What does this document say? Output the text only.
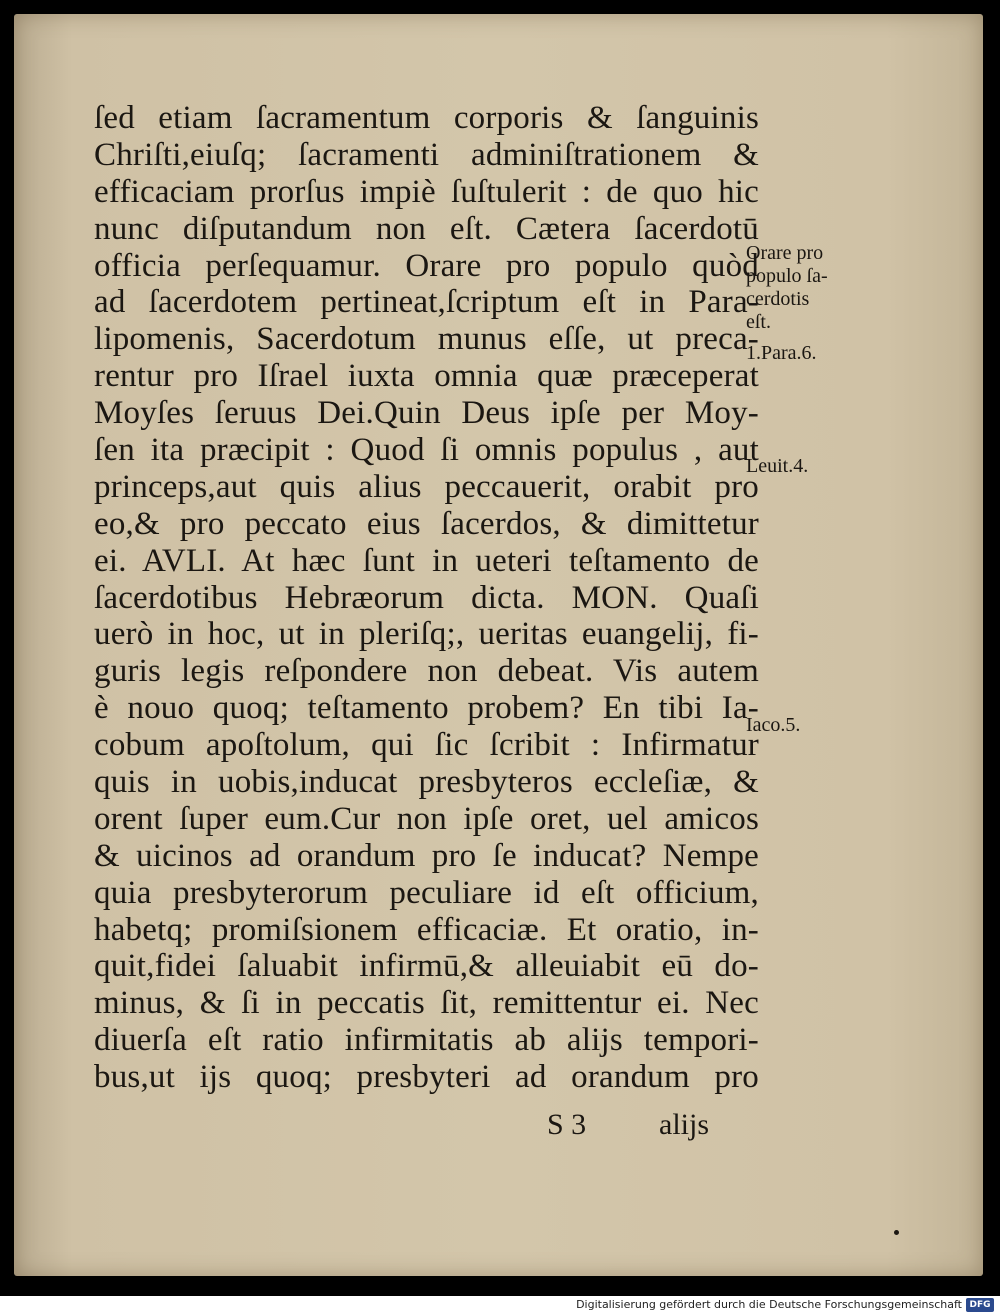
ſed etiam ſacramentum corporis & ſanguinis
Chriſti,eiuſq; ſacramenti adminiſtrationem &
efficaciam prorſus impiè ſuſtulerit : de quo hic
nunc diſputandum non eſt. Cætera ſacerdotū
officia perſequamur. Orare pro populo quòd
ad ſacerdotem pertineat,ſcriptum eſt in Para-
lipomenis, Sacerdotum munus eſſe, ut preca-
rentur pro Iſrael iuxta omnia quæ præceperat
Moyſes ſeruus Dei.Quin Deus ipſe per Moy-
ſen ita præcipit : Quod ſi omnis populus , aut
princeps,aut quis alius peccauerit, orabit pro
eo,& pro peccato eius ſacerdos, & dimittetur
ei. AVLI. At hæc ſunt in ueteri teſtamento de
ſacerdotibus Hebræorum dicta. MON. Quaſi
uerò in hoc, ut in pleriſq;, ueritas euangelij, fi-
guris legis reſpondere non debeat. Vis autem
è nouo quoq; teſtamento probem? En tibi Ia-
cobum apoſtolum, qui ſic ſcribit : Infirmatur
quis in uobis,inducat presbyteros eccleſiæ, &
orent ſuper eum.Cur non ipſe oret, uel amicos
& uicinos ad orandum pro ſe inducat? Nempe
quia presbyterorum peculiare id eſt officium,
habetq; promiſsionem efficaciæ. Et oratio, in-
quit,fidei ſaluabit infirmū,& alleuiabit eū do-
minus, & ſi in peccatis ſit, remittentur ei. Nec
diuerſa eſt ratio infirmitatis ab alijs tempori-
bus,ut ijs quoq; presbyteri ad orandum pro
Orare pro
populo ſa-
cerdotis
eſt.
1.Para.6.
Leuit.4.
Iaco.5.
S 3 alijs
Digitalisierung gefördert durch die Deutsche Forschungsgemeinschaft DFG
